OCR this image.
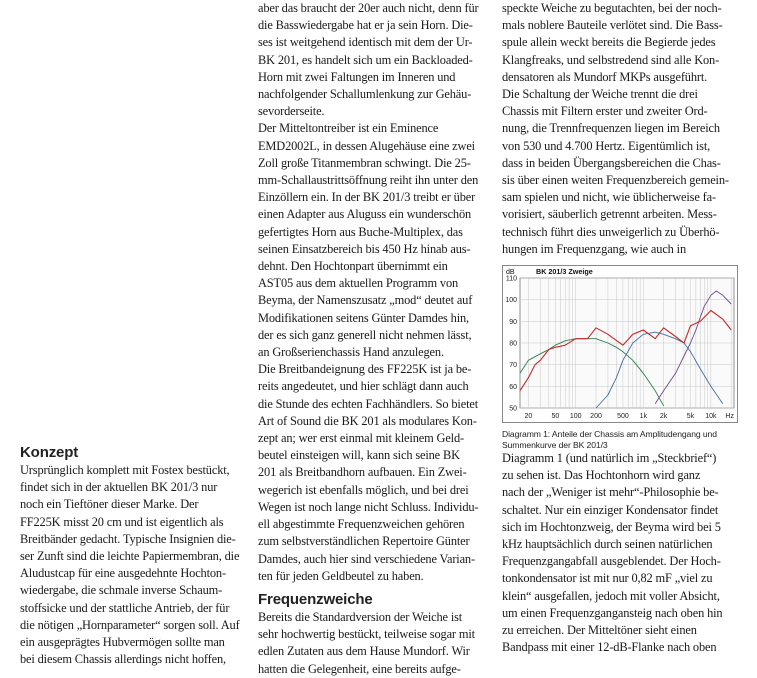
Konzept

Ursprünglich komplett mit Fostex bestückt,

findet sich in der aktuellen BK 201/3 nur

noch ein Tieftöner dieser Marke. Der

FF225K misst 20 cm und ist eigentlich als

Breitbänder gedacht. Typische Insignien die-

ser Zunft sind die leichte Papiermembran, die

Aludustcap für eine ausgedehnte Hochton-

wiedergabe, die schmale inverse Schaum-

stoffsicke und der stattliche Antrieb, der für

die nötigen „Hornparameter“ sorgen soll. Auf

ein ausgeprägtes Hubvermögen sollte man

bei diesem Chassis allerdings nicht hoffen,

aber das braucht der 20er auch nicht, denn für

die Basswiedergabe hat er ja sein Horn. Die-

ses ist weitgehend identisch mit dem der Ur-

BK 201, es handelt sich um ein Backloaded-

Horn mit zwei Faltungen im Inneren und

nachfolgender Schallumlenkung zur Gehäu-

sevorderseite.

Der Mitteltontreiber ist ein Eminence

EMD2002L, in dessen Alugehäuse eine zwei

Zoll große Titanmembran schwingt. Die 25-

mm-Schallaustrittsöffnung reiht ihn unter den

Einzöllern ein. In der BK 201/3 treibt er über

einen Adapter aus Aluguss ein wunderschön

gefertigtes Horn aus Buche-Multiplex, das

seinen Einsatzbereich bis 450 Hz hinab aus-

dehnt. Den Hochtonpart übernimmt ein

AST05 aus dem aktuellen Programm von

Beyma, der Namenszusatz „mod“ deutet auf

Modifikationen seitens Günter Damdes hin,

der es sich ganz generell nicht nehmen lässt,

an Großserienchassis Hand anzulegen.

Die Breitbandeignung des FF225K ist ja be-

reits angedeutet, und hier schlägt dann auch

die Stunde des echten Fachhändlers. So bietet

Art of Sound die BK 201 als modulares Kon-

zept an; wer erst einmal mit kleinem Geld-

beutel einsteigen will, kann sich seine BK

201 als Breitbandhorn aufbauen. Ein Zwei-

wegerich ist ebenfalls möglich, und bei drei

Wegen ist noch lange nicht Schluss. Individu-

ell abgestimmte Frequenzweichen gehören

zum selbstverständlichen Repertoire Günter

Damdes, auch hier sind verschiedene Varian-

ten für jeden Geldbeutel zu haben.

Frequenzweiche

Bereits die Standardversion der Weiche ist

sehr hochwertig bestückt, teilweise sogar mit

edlen Zutaten aus dem Hause Mundorf. Wir

hatten die Gelegenheit, eine bereits aufge-

speckte Weiche zu begutachten, bei der noch-

mals noblere Bauteile verlötet sind. Die Bass-

spule allein weckt bereits die Begierde jedes

Klangfreaks, und selbstredend sind alle Kon-

densatoren als Mundorf MKPs ausgeführt.

Die Schaltung der Weiche trennt die drei

Chassis mit Filtern erster und zweiter Ord-

nung, die Trennfrequenzen liegen im Bereich

von 530 und 4.700 Hertz. Eigentümlich ist,

dass in beiden Übergangsbereichen die Chas-

sis über einen weiten Frequenzbereich gemein-

sam spielen und nicht, wie üblicherweise fa-

vorisiert, säuberlich getrennt arbeiten. Mess-

technisch führt dies unweigerlich zu Überhö-

hungen im Frequenzgang, wie auch in

50
60
70
80
90
100
110
20	50 100 200 500 1k 2k	5k 10k Hz
BK 201/3 Zweige
dB
Diagramm 1: Anteile der Chassis am Amplitudengang und Summenkurve der BK 201/3

Diagramm 1 (und natürlich im „Steckbrief“)

zu sehen ist. Das Hochtonhorn wird ganz

nach der „Weniger ist mehr“-Philosophie be-

schaltet. Nur ein einziger Kondensator findet

sich im Hochtonzweig, der Beyma wird bei 5

kHz hauptsächlich durch seinen natürlichen

Frequenzgangabfall ausgeblendet. Der Hoch-

tonkondensator ist mit nur 0,82 mF „viel zu

klein“ ausgefallen, jedoch mit voller Absicht,

um einen Frequenzgangansteig nach oben hin

zu erreichen. Der Mitteltöner sieht einen

Bandpass mit einer 12-dB-Flanke nach oben
